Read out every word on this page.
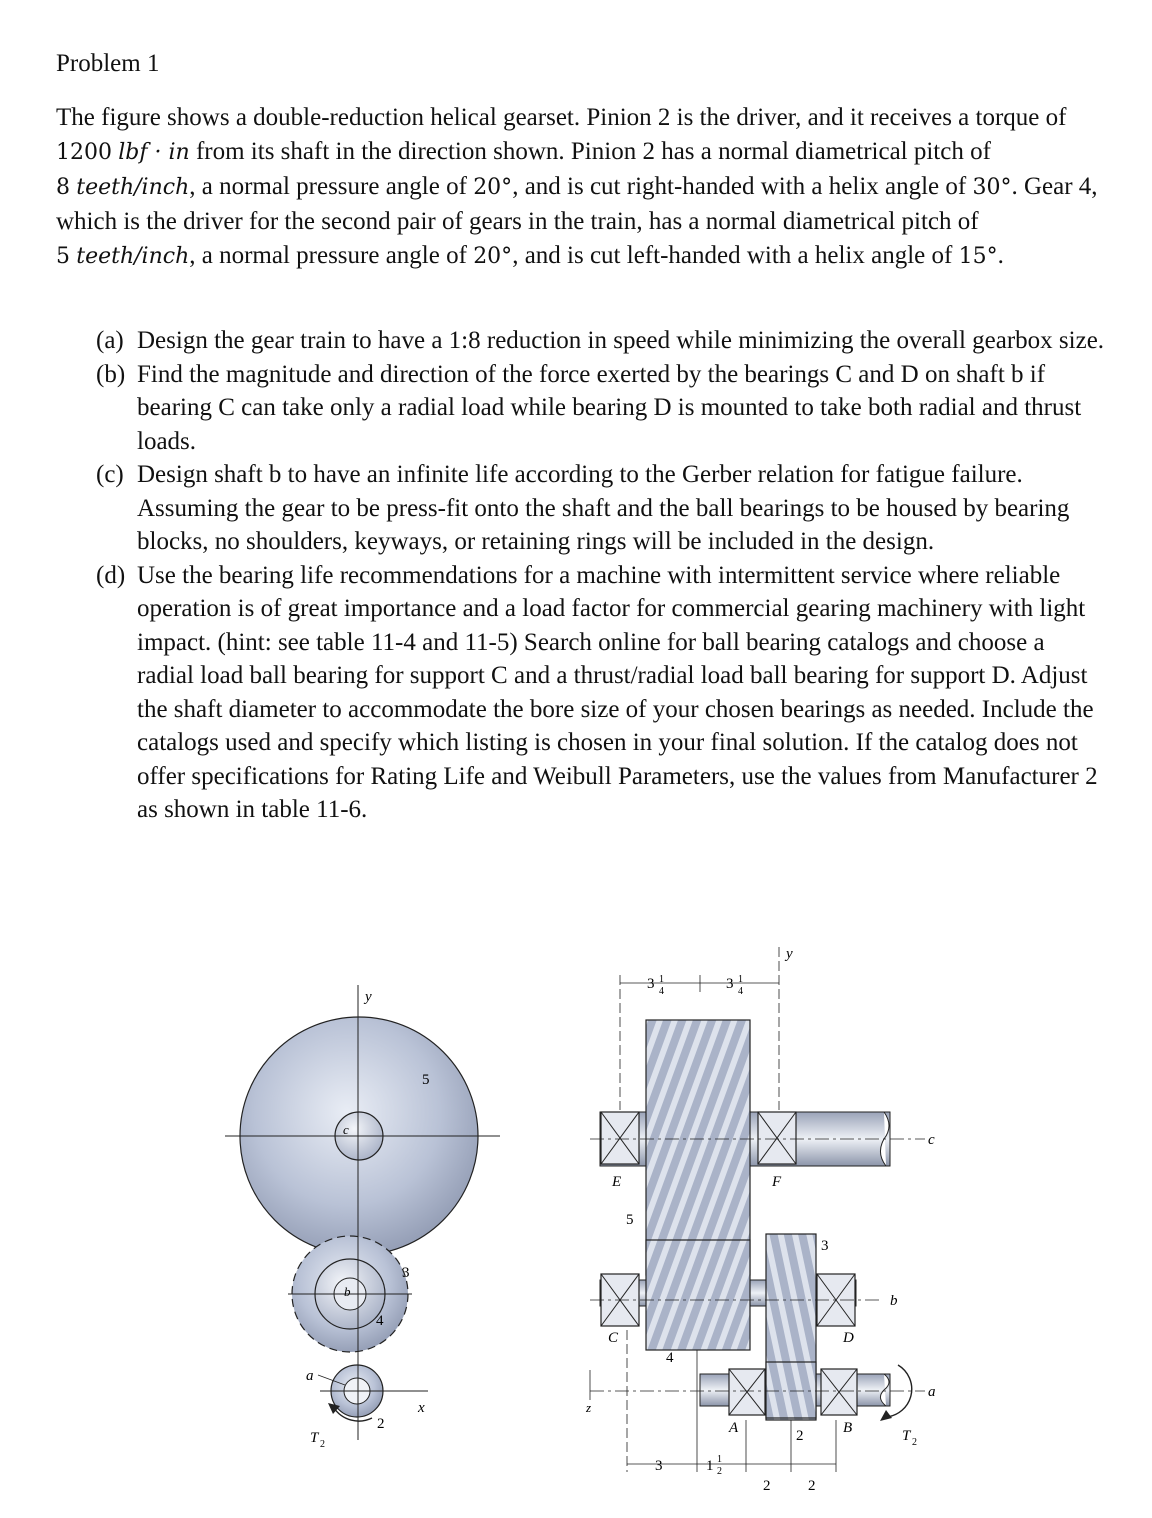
Problem 1
The figure shows a double-reduction helical gearset. Pinion 2 is the driver, and it receives a torque of 1200 lbf · in from its shaft in the direction shown. Pinion 2 has a normal diametrical pitch of 8 teeth/inch, a normal pressure angle of 20°, and is cut right-handed with a helix angle of 30°. Gear 4, which is the driver for the second pair of gears in the train, has a normal diametrical pitch of 5 teeth/inch, a normal pressure angle of 20°, and is cut left-handed with a helix angle of 15°.
(a) Design the gear train to have a 1:8 reduction in speed while minimizing the overall gearbox size.
(b) Find the magnitude and direction of the force exerted by the bearings C and D on shaft b if bearing C can take only a radial load while bearing D is mounted to take both radial and thrust loads.
(c) Design shaft b to have an infinite life according to the Gerber relation for fatigue failure. Assuming the gear to be press-fit onto the shaft and the ball bearings to be housed by bearing blocks, no shoulders, keyways, or retaining rings will be included in the design.
(d) Use the bearing life recommendations for a machine with intermittent service where reliable operation is of great importance and a load factor for commercial gearing machinery with light impact. (hint: see table 11-4 and 11-5) Search online for ball bearing catalogs and choose a radial load ball bearing for support C and a thrust/radial load ball bearing for support D. Adjust the shaft diameter to accommodate the bore size of your chosen bearings as needed. Include the catalogs used and specify which listing is chosen in your final solution. If the catalog does not offer specifications for Rating Life and Weibull Parameters, use the values from Manufacturer 2 as shown in table 11-6.
y
c
5
3
b
4
a
x
2
T 2
y
3 1
4	3 1
4
E	F
c
5
3
b
C	D
4
a
z
A	2	B	T 2
3	1 1
2
2	2
